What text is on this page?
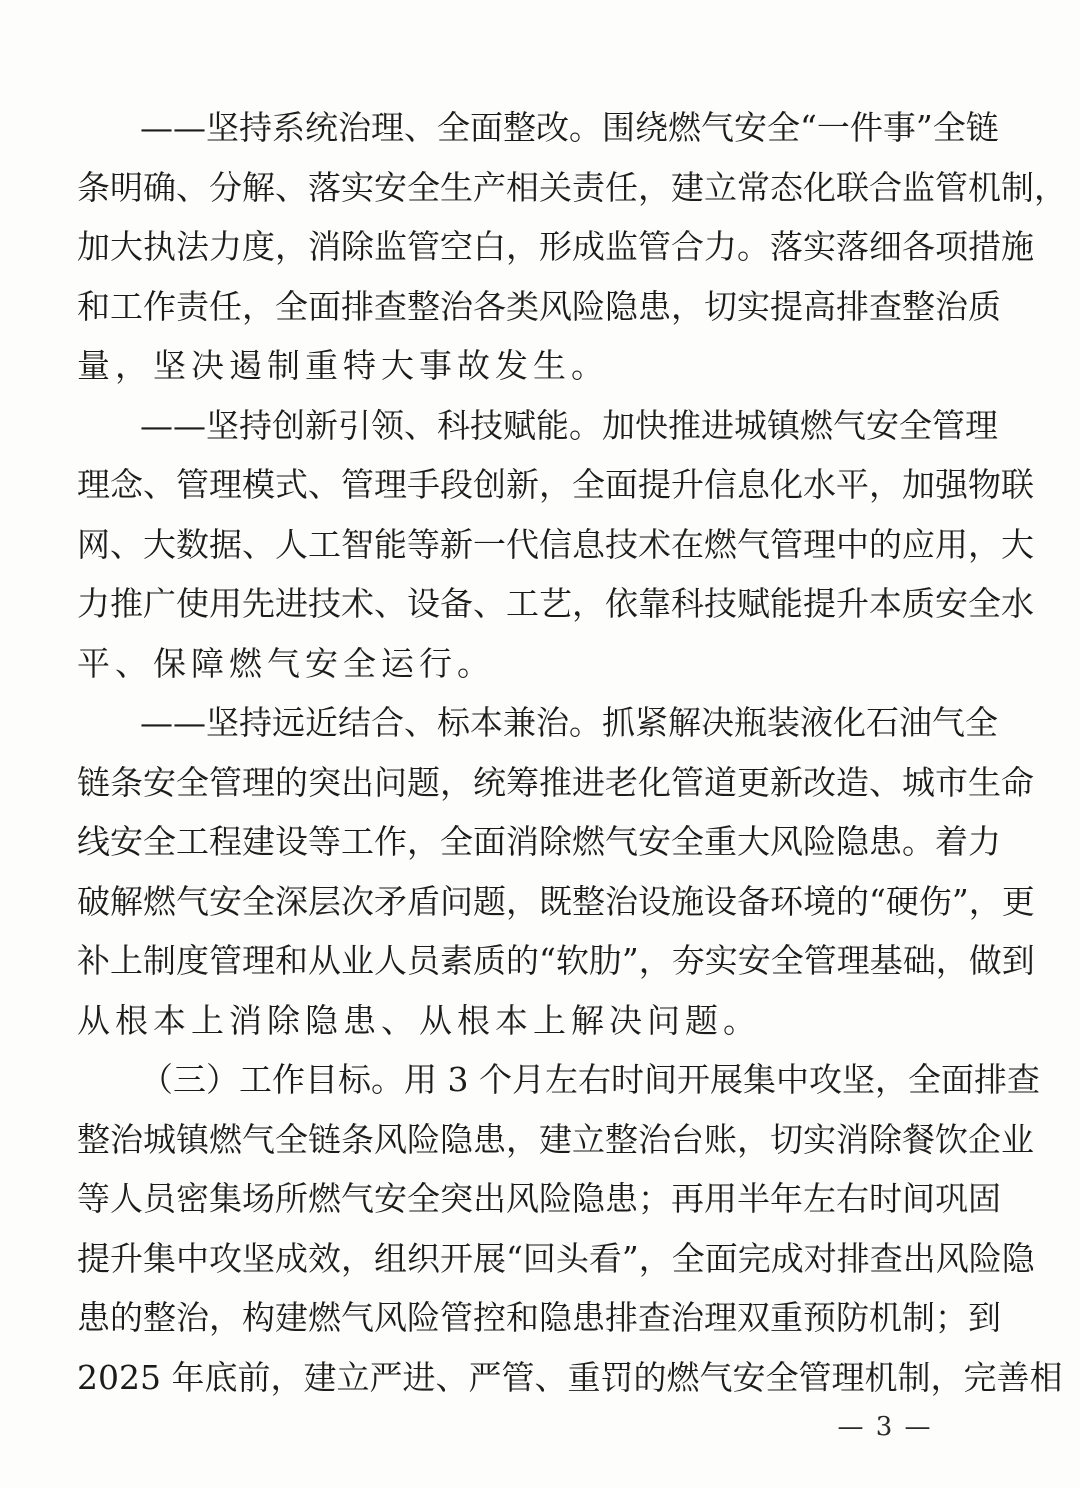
——坚持系统治理、全面整改。围绕燃气安全“一件事”全链
条明确、分解、落实安全生产相关责任，建立常态化联合监管机制，
加大执法力度，消除监管空白，形成监管合力。落实落细各项措施
和工作责任，全面排查整治各类风险隐患，切实提高排查整治质
量，坚决遏制重特大事故发生。
——坚持创新引领、科技赋能。加快推进城镇燃气安全管理
理念、管理模式、管理手段创新，全面提升信息化水平，加强物联
网、大数据、人工智能等新一代信息技术在燃气管理中的应用，大
力推广使用先进技术、设备、工艺，依靠科技赋能提升本质安全水
平、保障燃气安全运行。
——坚持远近结合、标本兼治。抓紧解决瓶装液化石油气全
链条安全管理的突出问题，统筹推进老化管道更新改造、城市生命
线安全工程建设等工作，全面消除燃气安全重大风险隐患。着力
破解燃气安全深层次矛盾问题，既整治设施设备环境的“硬伤”，更
补上制度管理和从业人员素质的“软肋”，夯实安全管理基础，做到
从根本上消除隐患、从根本上解决问题。
（三）工作目标。用 3 个月左右时间开展集中攻坚，全面排查
整治城镇燃气全链条风险隐患，建立整治台账，切实消除餐饮企业
等人员密集场所燃气安全突出风险隐患；再用半年左右时间巩固
提升集中攻坚成效，组织开展“回头看”，全面完成对排查出风险隐
患的整治，构建燃气风险管控和隐患排查治理双重预防机制；到
2025 年底前，建立严进、严管、重罚的燃气安全管理机制，完善相
— 3 —
